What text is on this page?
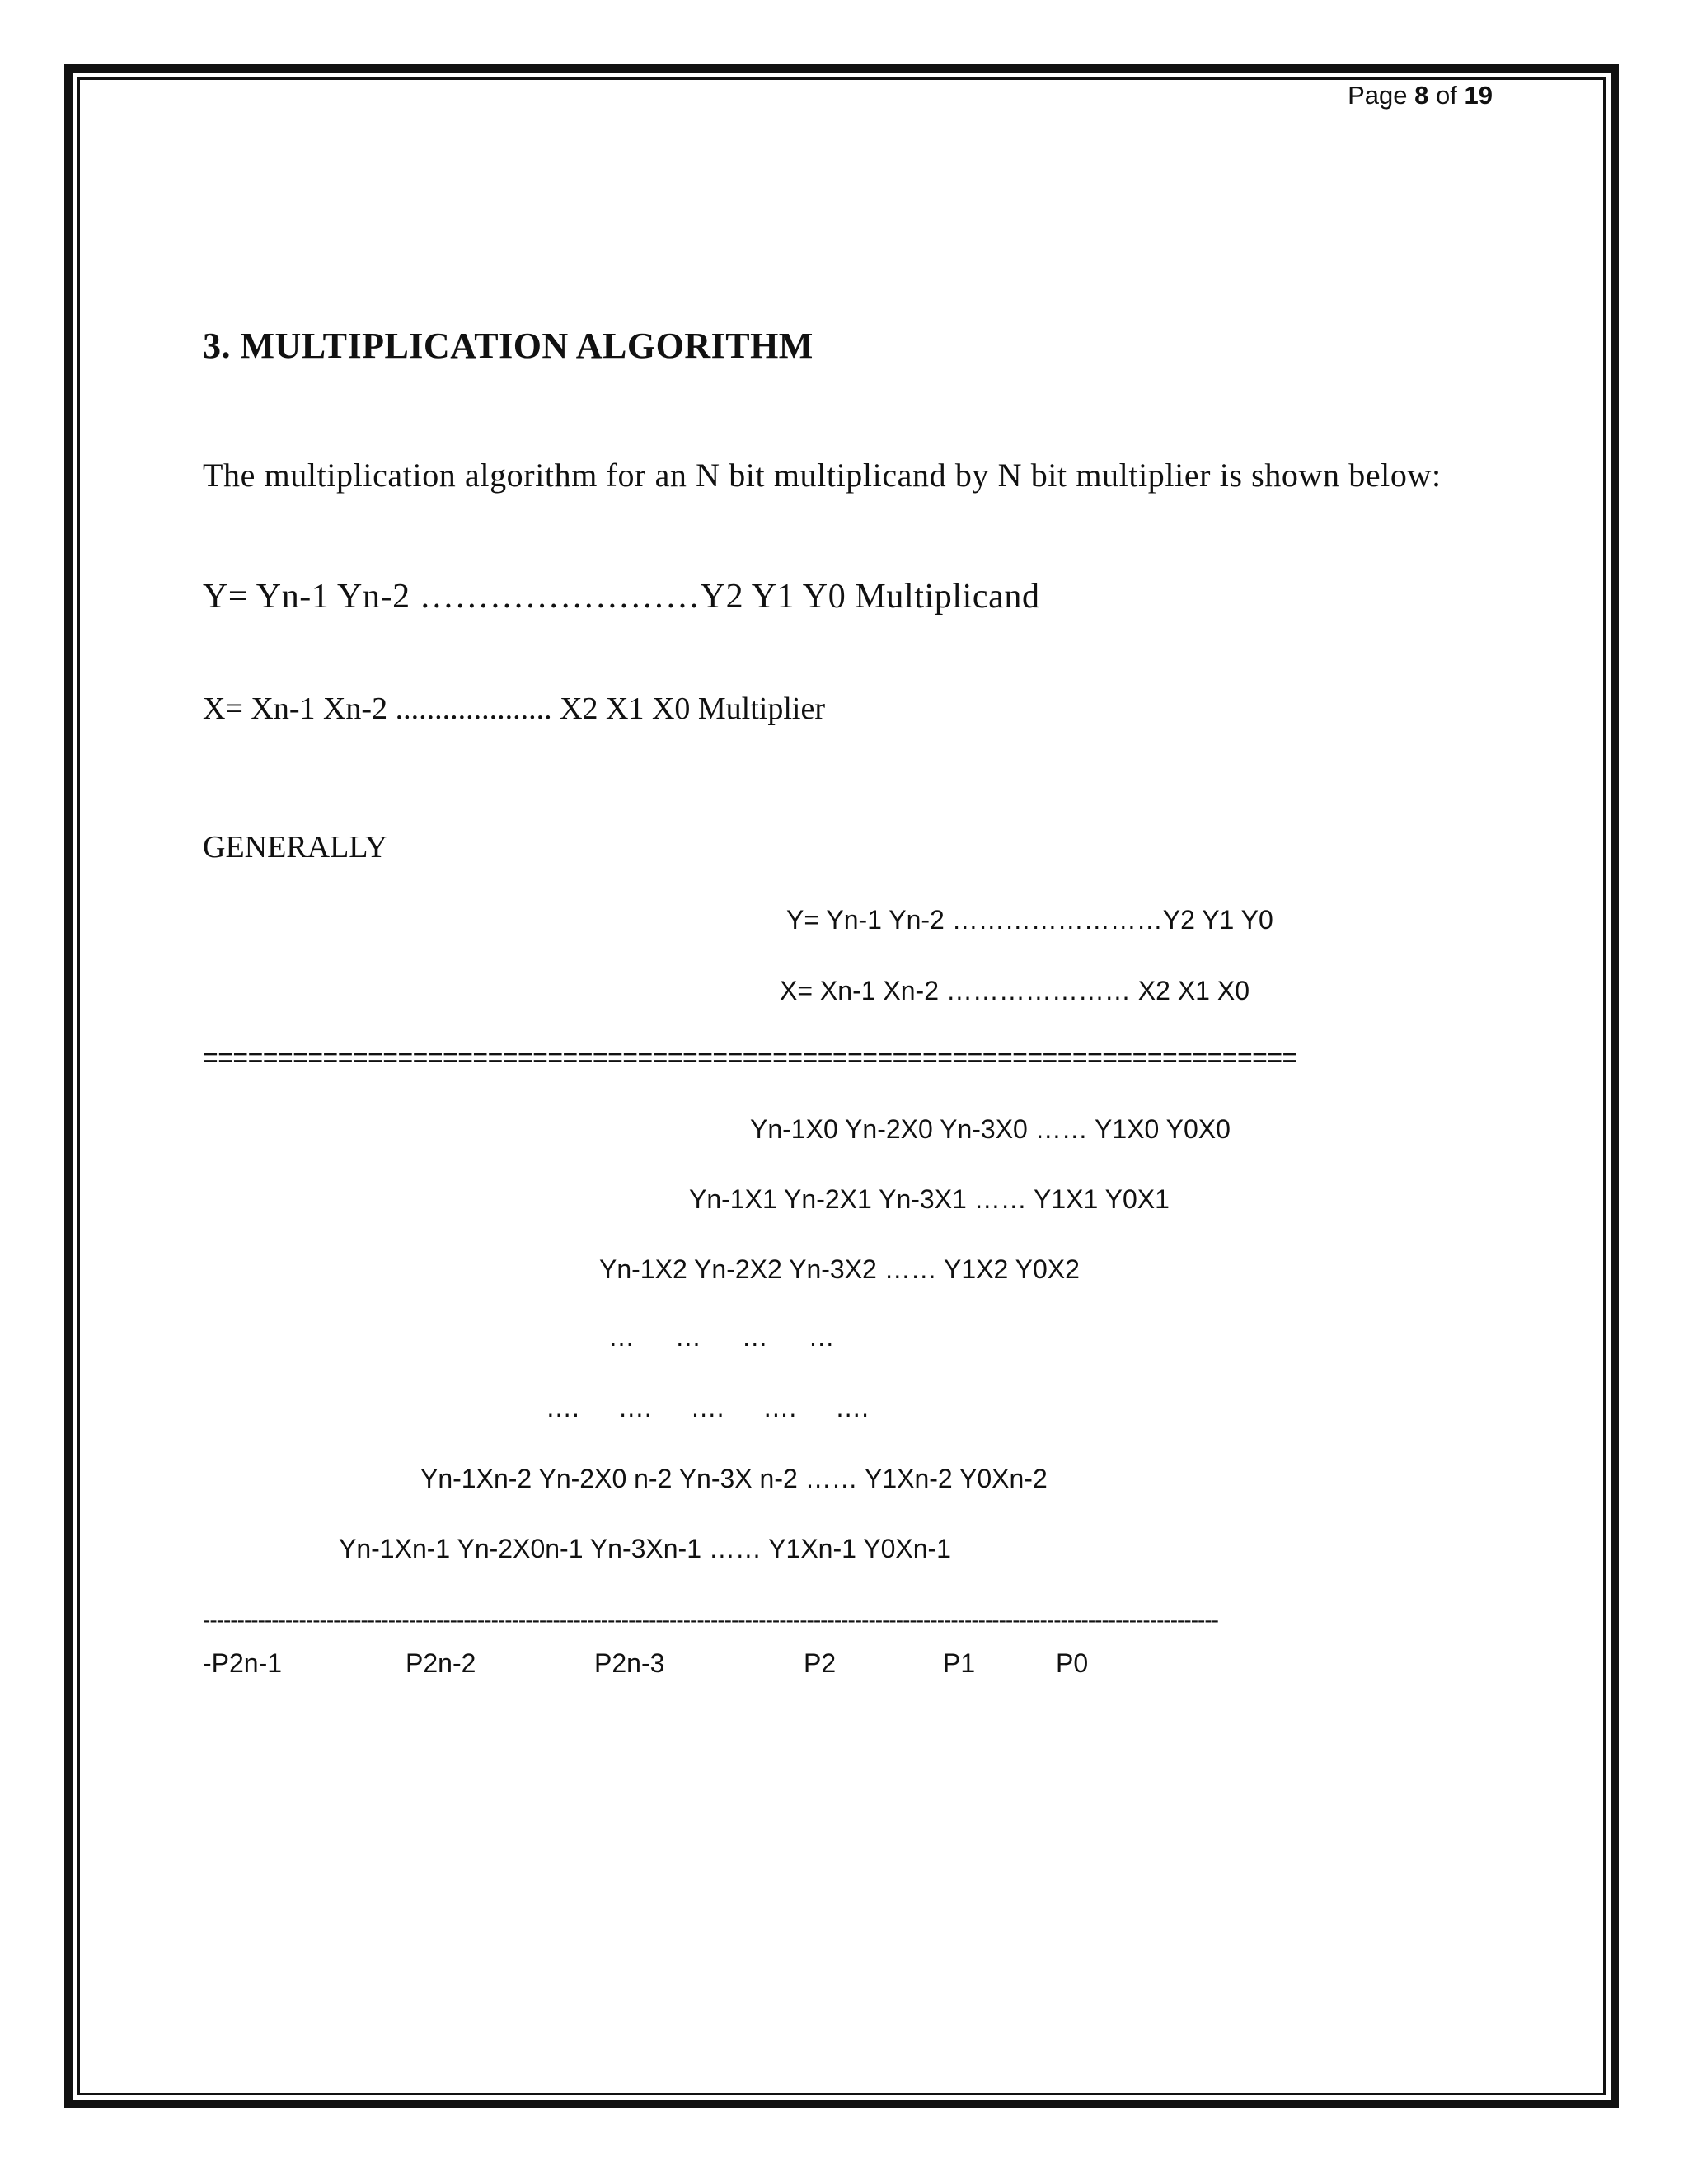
Page 8 of 19
3. MULTIPLICATION ALGORITHM
The multiplication algorithm for an N bit multiplicand by N bit multiplier is shown below:
Y= Yn-1 Yn-2 ……………………Y2 Y1 Y0 Multiplicand
X= Xn-1 Xn-2 .................... X2 X1 X0 Multiplier
GENERALLY
Y= Yn-1 Yn-2 ……………………Y2 Y1 Y0
X= Xn-1 Xn-2 ………………… X2 X1 X0
=========================================================================
Yn-1X0 Yn-2X0 Yn-3X0 …… Y1X0 Y0X0
Yn-1X1 Yn-2X1 Yn-3X1 …… Y1X1 Y0X1
Yn-1X2 Yn-2X2 Yn-3X2 …… Y1X2 Y0X2
… … … …
…. …. …. …. ….
Yn-1Xn-2 Yn-2X0 n-2 Yn-3X n-2 …… Y1Xn-2 Y0Xn-2
Yn-1Xn-1 Yn-2X0n-1 Yn-3Xn-1 …… Y1Xn-1 Y0Xn-1
----------------------------------------------------------------------------------------------------------------------------------------------------
-P2n-1	P2n-2	P2n-3	P2	P1	P0
